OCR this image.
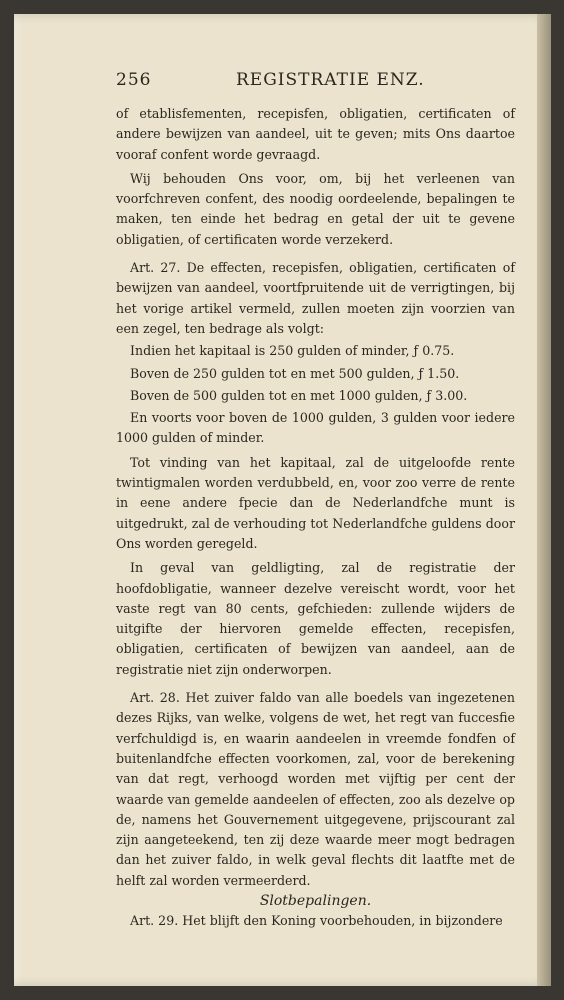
256	REGISTRATIE ENZ.

of etablisfementen, recepisfen, obligatien, certificaten of andere bewijzen van aandeel, uit te geven; mits Ons daartoe vooraf confent worde gevraagd.

Wij behouden Ons voor, om, bij het verleenen van voorfchreven confent, des noodig oordeelende, bepalingen te maken, ten einde het bedrag en getal der uit te gevene obligatien, of certificaten worde verzekerd.

Art. 27. De effecten, recepisfen, obligatien, certificaten of bewijzen van aandeel, voortfpruitende uit de verrigtingen, bij het vorige artikel vermeld, zullen moeten zijn voorzien van een zegel, ten bedrage als volgt:

Indien het kapitaal is 250 gulden of minder, ƒ 0.75.

Boven de 250 gulden tot en met 500 gulden, ƒ 1.50.

Boven de 500 gulden tot en met 1000 gulden, ƒ 3.00.

En voorts voor boven de 1000 gulden, 3 gulden voor iedere 1000 gulden of minder.

Tot vinding van het kapitaal, zal de uitgeloofde rente twintigmalen worden verdubbeld, en, voor zoo verre de rente in eene andere fpecie dan de Nederlandfche munt is uitgedrukt, zal de verhouding tot Nederlandfche guldens door Ons worden geregeld.

In geval van geldligting, zal de registratie der hoofdobligatie, wanneer dezelve vereischt wordt, voor het vaste regt van 80 cents, gefchieden: zullende wijders de uitgifte der hiervoren gemelde effecten, recepisfen, obligatien, certificaten of bewijzen van aandeel, aan de registratie niet zijn onderworpen.

Art. 28. Het zuiver faldo van alle boedels van ingezetenen dezes Rijks, van welke, volgens de wet, het regt van fuccesfie verfchuldigd is, en waarin aandeelen in vreemde fondfen of buitenlandfche effecten voorkomen, zal, voor de berekening van dat regt, verhoogd worden met vijftig per cent der waarde van gemelde aandeelen of effecten, zoo als dezelve op de, namens het Gouvernement uitgegevene, prijscourant zal zijn aangeteekend, ten zij deze waarde meer mogt bedragen dan het zuiver faldo, in welk geval flechts dit laatfte met de helft zal worden vermeerderd.

Slotbepalingen.

Art. 29. Het blijft den Koning voorbehouden, in bijzondere
